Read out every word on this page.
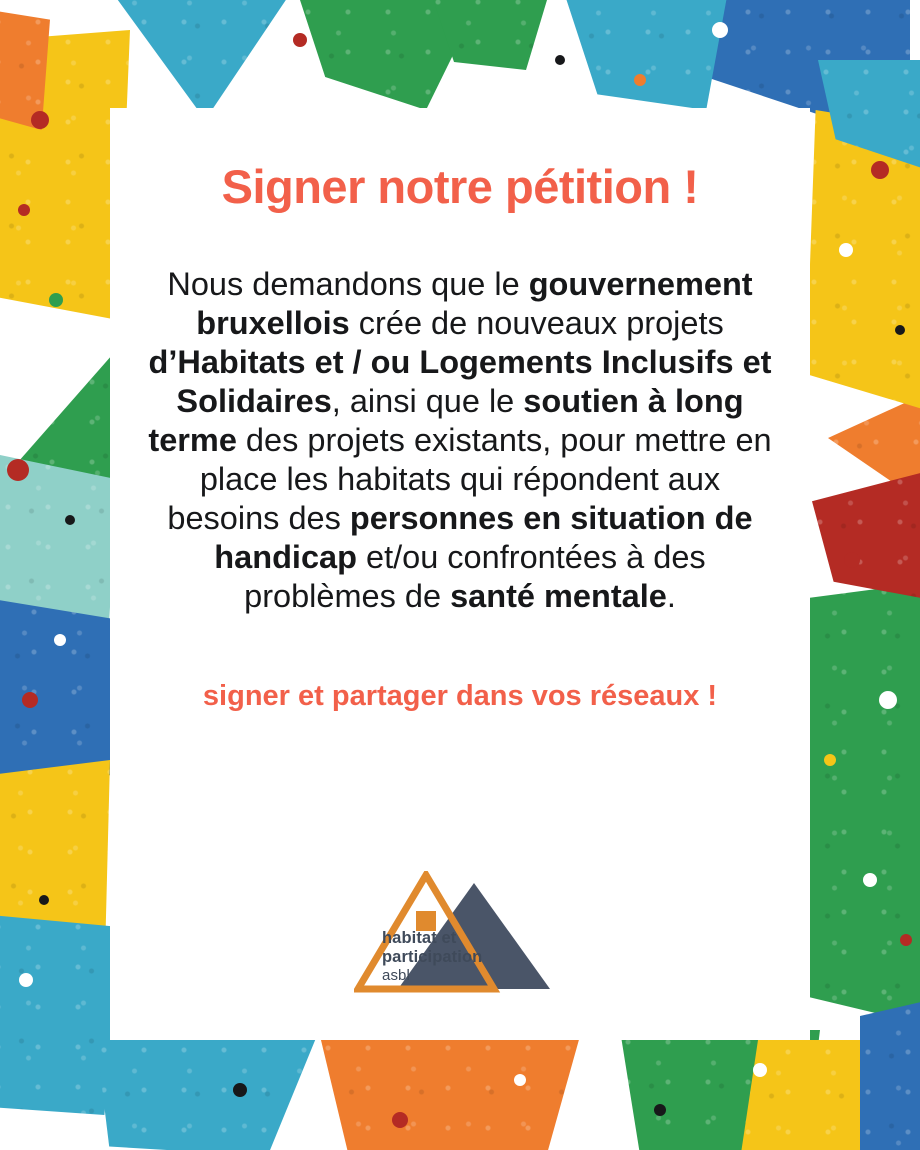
Signer notre pétition !

Nous demandons que le gouvernement bruxellois crée de nouveaux projets d’Habitats et / ou Logements Inclusifs et Solidaires, ainsi que le soutien à long terme des projets existants, pour mettre en place les habitats qui répondent aux besoins des personnes en situation de handicap et/ou confrontées à des problèmes de santé mentale.

signer et partager dans vos réseaux !

habitat et
participation
asbl
